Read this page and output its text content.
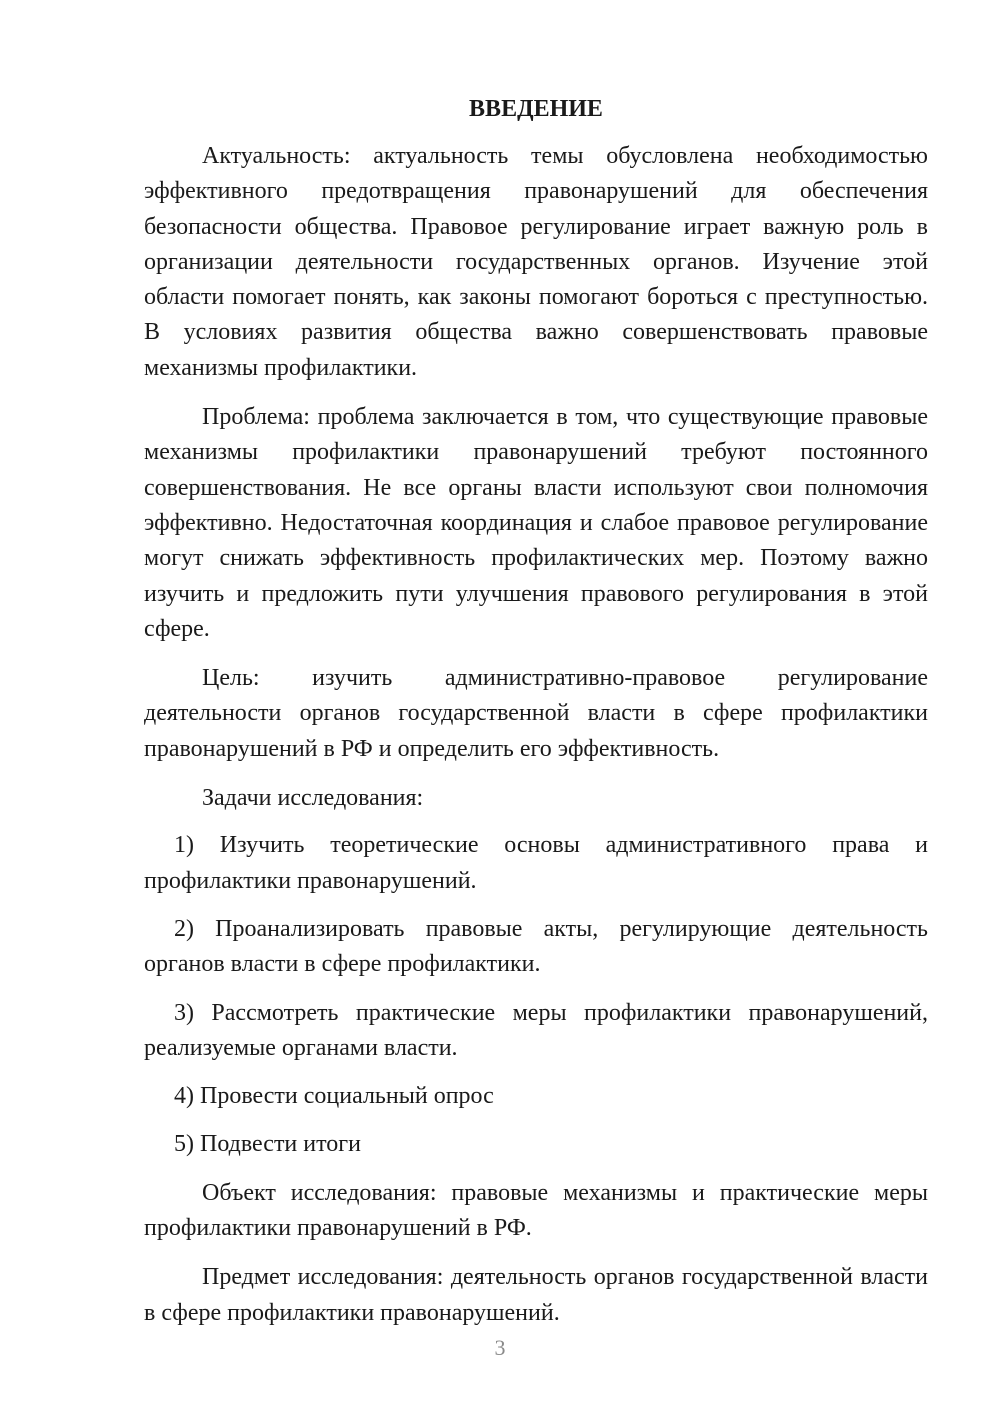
ВВЕДЕНИЕ

Актуальность: актуальность темы обусловлена необходимостью эффективного предотвращения правонарушений для обеспечения безопасности общества. Правовое регулирование играет важную роль в организации деятельности государственных органов. Изучение этой области помогает понять, как законы помогают бороться с преступностью. В условиях развития общества важно совершенствовать правовые механизмы профилактики.

Проблема: проблема заключается в том, что существующие правовые механизмы профилактики правонарушений требуют постоянного совершенствования. Не все органы власти используют свои полномочия эффективно. Недостаточная координация и слабое правовое регулирование могут снижать эффективность профилактических мер. Поэтому важно изучить и предложить пути улучшения правового регулирования в этой сфере.

Цель: изучить административно-правовое регулирование деятельности органов государственной власти в сфере профилактики правонарушений в РФ и определить его эффективность.

Задачи исследования:

1) Изучить теоретические основы административного права и профилактики правонарушений.

2) Проанализировать правовые акты, регулирующие деятельность органов власти в сфере профилактики.

3) Рассмотреть практические меры профилактики правонарушений, реализуемые органами власти.

4) Провести социальный опрос

5) Подвести итоги

Объект исследования: правовые механизмы и практические меры профилактики правонарушений в РФ.

Предмет исследования: деятельность органов государственной власти в сфере профилактики правонарушений.

3
